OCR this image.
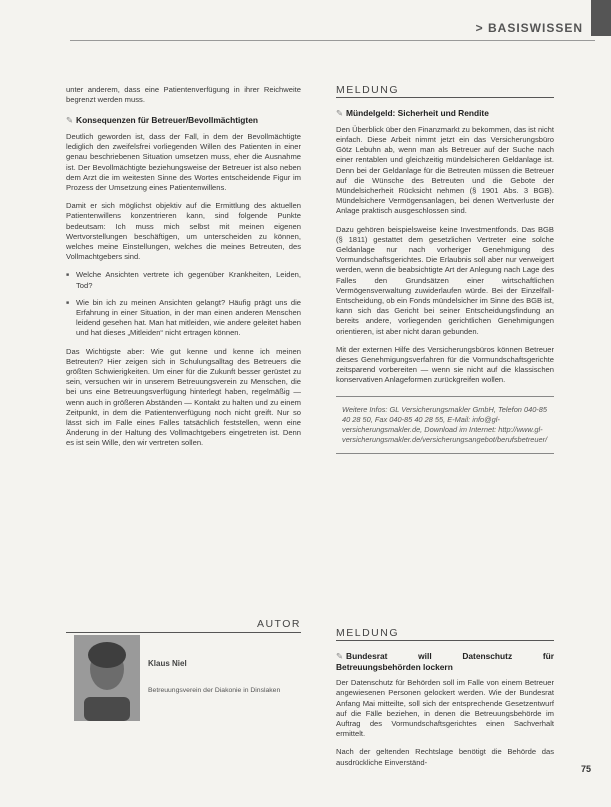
> BASISWISSEN

unter anderem, dass eine Patientenverfügung in ihrer Reichweite begrenzt werden muss.

✎ Konsequenzen für Betreuer/Bevollmächtigten

Deutlich geworden ist, dass der Fall, in dem der Bevollmächtigte lediglich den zweifelsfrei vorliegenden Willen des Patienten in einer genau beschriebenen Situation umsetzen muss, eher die Ausnahme ist. Der Bevollmächtigte beziehungsweise der Betreuer ist also neben dem Arzt die im weitesten Sinne des Wortes entscheidende Figur im Prozess der Umsetzung eines Patientenwillens.

Damit er sich möglichst objektiv auf die Ermittlung des aktuellen Patientenwillens konzentrieren kann, sind folgende Punkte bedeutsam: Ich muss mich selbst mit meinen eigenen Wertvorstellungen beschäftigen, um unterscheiden zu können, welches meine Einstellungen, welches die meines Betreuten, des Vollmachtgebers sind.

■ Welche Ansichten vertrete ich gegenüber Krankheiten, Leiden, Tod?
■ Wie bin ich zu meinen Ansichten gelangt? Häufig prägt uns die Erfahrung in einer Situation, in der man einen anderen Menschen leidend gesehen hat. Man hat mitleiden, wie andere geleitet haben und hat dieses „Mitleiden“ nicht ertragen können.

Das Wichtigste aber: Wie gut kenne und kenne ich meinen Betreuten? Hier zeigen sich in Schulungsalltag des Betreuers die größten Schwierigkeiten. Um einer für die Zukunft besser gerüstet zu sein, versuchen wir in unserem Betreuungsverein zu Menschen, die bei uns eine Betreuungsverfügung hinterlegt haben, regelmäßig — wenn auch in größeren Abständen — Kontakt zu halten und zu einem Zeitpunkt, in dem die Patientenverfügung noch nicht greift. Nur so lässt sich im Falle eines Falles tatsächlich feststellen, wenn eine Änderung in der Haltung des Vollmachtgebers eingetreten ist. Denn es ist sein Wille, den wir vertreten sollen.

AUTOR
Klaus Niel
Betreuungsverein der Diakonie in Dinslaken
MELDUNG
✎ Mündelgeld: Sicherheit und Rendite

Den Überblick über den Finanzmarkt zu bekommen, das ist nicht einfach. Diese Arbeit nimmt jetzt ein das Versicherungsbüro Götz Lebuhn ab, wenn man als Betreuer auf der Suche nach einer rentablen und gleichzeitig mündelsicheren Geldanlage ist. Denn bei der Geldanlage für die Betreuten müssen die Betreuer auf die Wünsche des Betreuten und die Gebote der Mündelsicherheit Rücksicht nehmen (§ 1901 Abs. 3 BGB). Mündelsichere Vermögensanlagen, bei denen Wertverluste der Anlage praktisch ausgeschlossen sind.

Dazu gehören beispielsweise keine Investmentfonds. Das BGB (§ 1811) gestattet dem gesetzlichen Vertreter eine solche Geldanlage nur nach vorheriger Genehmigung des Vormundschaftsgerichtes. Die Erlaubnis soll aber nur verweigert werden, wenn die beabsichtigte Art der Anlegung nach Lage des Falles den Grundsätzen einer wirtschaftlichen Vermögensverwaltung zuwiderlaufen würde. Bei der Einzelfall-Entscheidung, ob ein Fonds mündelsicher im Sinne des BGB ist, kann sich das Gericht bei seiner Entscheidungsfindung an bereits andere, vorliegenden gerichtlichen Genehmigungen orientieren, ist aber nicht daran gebunden.

Mit der externen Hilfe des Versicherungsbüros können Betreuer dieses Genehmigungsverfahren für die Vormundschaftsgerichte zeitsparend vorbereiten — wenn sie nicht auf die klassischen konservativen Anlageformen zurückgreifen wollen.

Weitere Infos: GL Versicherungsmakler GmbH, Telefon 040-85 40 28 50, Fax 040-85 40 28 55, E-Mail: info@gl-versicherungsmakler.de, Download im Internet: http://www.gl-versicherungsmakler.de/versicherungsangebot/berufsbetreuer/
MELDUNG
✎ Bundesrat will Datenschutz für Betreuungsbehörden lockern

Der Datenschutz für Behörden soll im Falle von einem Betreuer angewiesenen Personen gelockert werden. Wie der Bundesrat Anfang Mai mitteilte, soll sich der entsprechende Gesetzentwurf auf die Fälle beziehen, in denen die Betreuungsbehörde im Auftrag des Vormundschaftsgerichtes einen Sachverhalt ermittelt.

Nach der geltenden Rechtslage benötigt die Behörde das ausdrückliche Einverständ-

75
